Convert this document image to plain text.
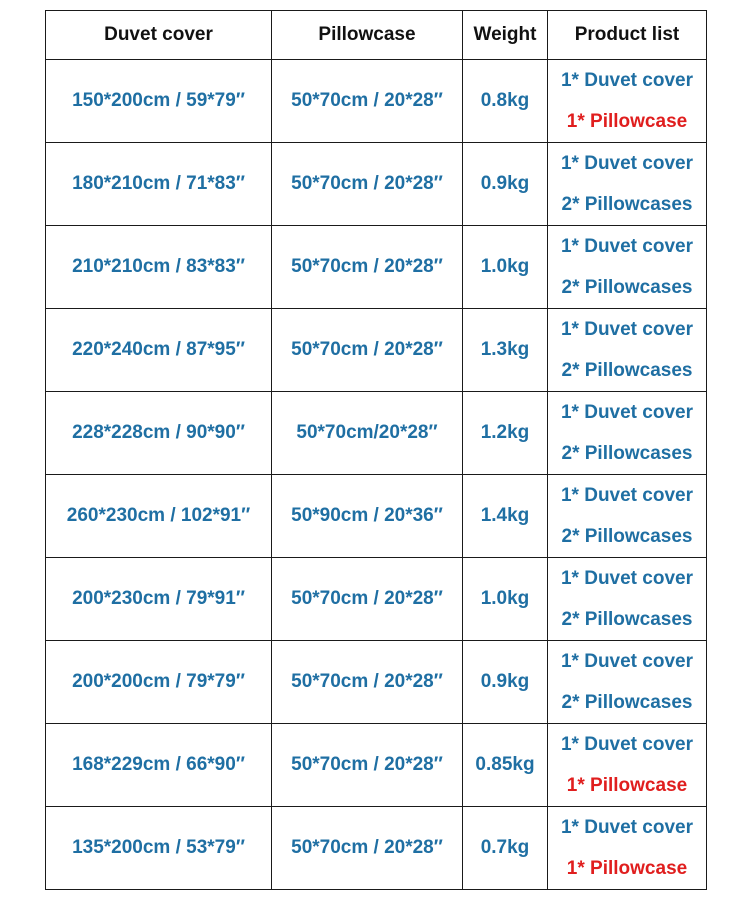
Duvet cover	Pillowcase	Weight	Product list
150*200cm / 59*79″	50*70cm / 20*28″	0.8kg	1* Duvet cover
1* Pillowcase

180*210cm / 71*83″	50*70cm / 20*28″	0.9kg	1* Duvet cover
2* Pillowcases

210*210cm / 83*83″	50*70cm / 20*28″	1.0kg	1* Duvet cover
2* Pillowcases

220*240cm / 87*95″	50*70cm / 20*28″	1.3kg	1* Duvet cover
2* Pillowcases

228*228cm / 90*90″	50*70cm/20*28″	1.2kg	1* Duvet cover
2* Pillowcases

260*230cm / 102*91″	50*90cm / 20*36″	1.4kg	1* Duvet cover
2* Pillowcases

200*230cm / 79*91″	50*70cm / 20*28″	1.0kg	1* Duvet cover
2* Pillowcases

200*200cm / 79*79″	50*70cm / 20*28″	0.9kg	1* Duvet cover
2* Pillowcases

168*229cm / 66*90″	50*70cm / 20*28″	0.85kg	1* Duvet cover
1* Pillowcase

135*200cm / 53*79″	50*70cm / 20*28″	0.7kg	1* Duvet cover
1* Pillowcase
